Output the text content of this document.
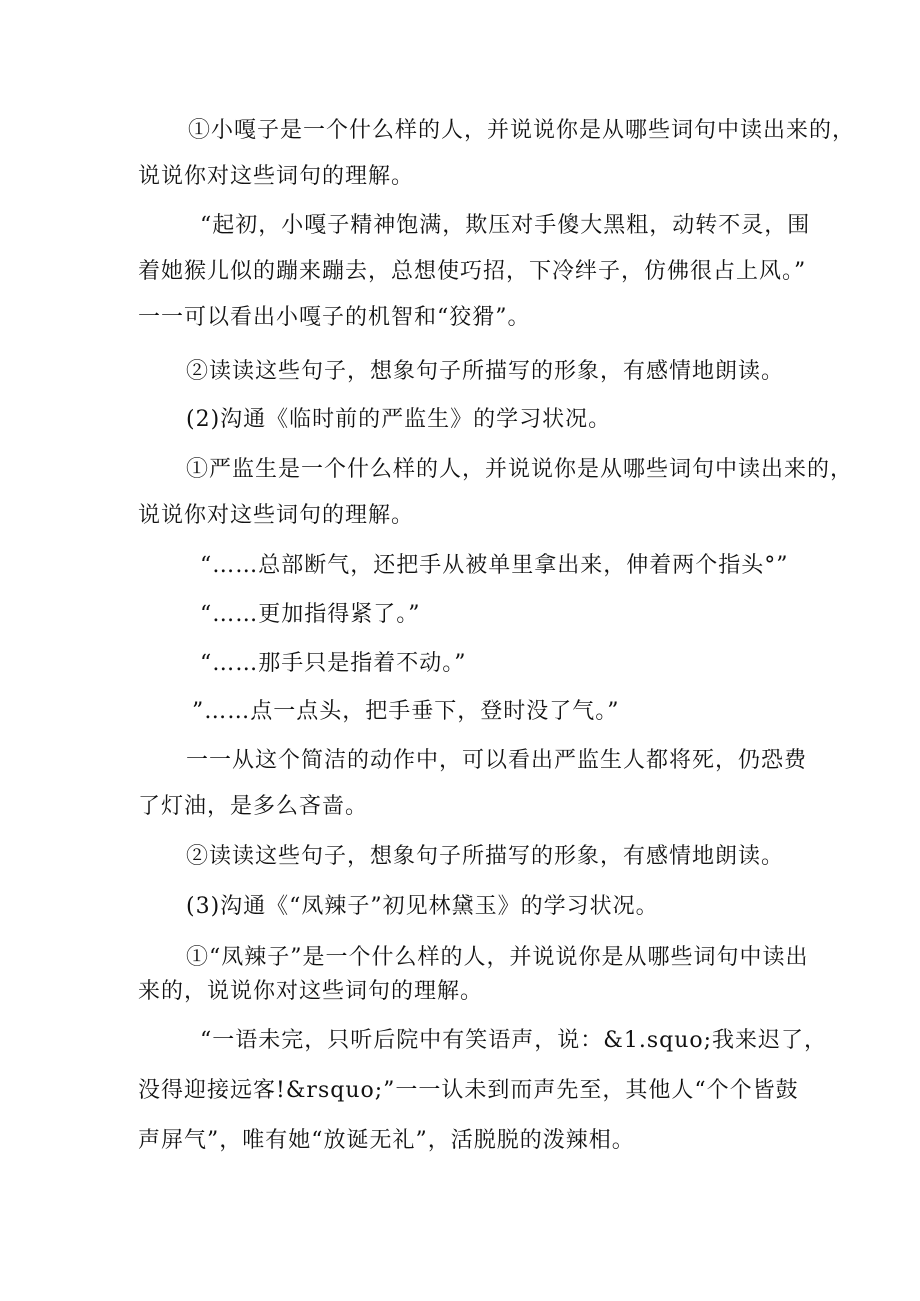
①小嘎子是一个什么样的人，并说说你是从哪些词句中读出来的，
说说你对这些词句的理解。

“起初，小嘎子精神饱满，欺压对手傻大黑粗，动转不灵，围
着她猴儿似的蹦来蹦去，总想使巧招，下冷绊子，仿佛很占上风。”
一一可以看出小嘎子的机智和“狡猾”。

②读读这些句子，想象句子所描写的形象，有感情地朗读。

(2)沟通《临时前的严监生》的学习状况。

①严监生是一个什么样的人，并说说你是从哪些词句中读出来的，
说说你对这些词句的理解。

“……总部断气，还把手从被单里拿出来，伸着两个指头°”

“……更加指得紧了。”

“……那手只是指着不动。”

”……点一点头，把手垂下，登时没了气。”

一一从这个简洁的动作中，可以看出严监生人都将死，仍恐费
了灯油，是多么吝啬。

②读读这些句子，想象句子所描写的形象，有感情地朗读。

(3)沟通《“凤辣子”初见林黛玉》的学习状况。

①“凤辣子”是一个什么样的人，并说说你是从哪些词句中读出
来的，说说你对这些词句的理解。

“一语未完，只听后院中有笑语声，说：&1.squo;我来迟了，
没得迎接远客!&rsquo;”一一认未到而声先至，其他人“个个皆鼓
声屏气”，唯有她“放诞无礼”，活脱脱的泼辣相。
